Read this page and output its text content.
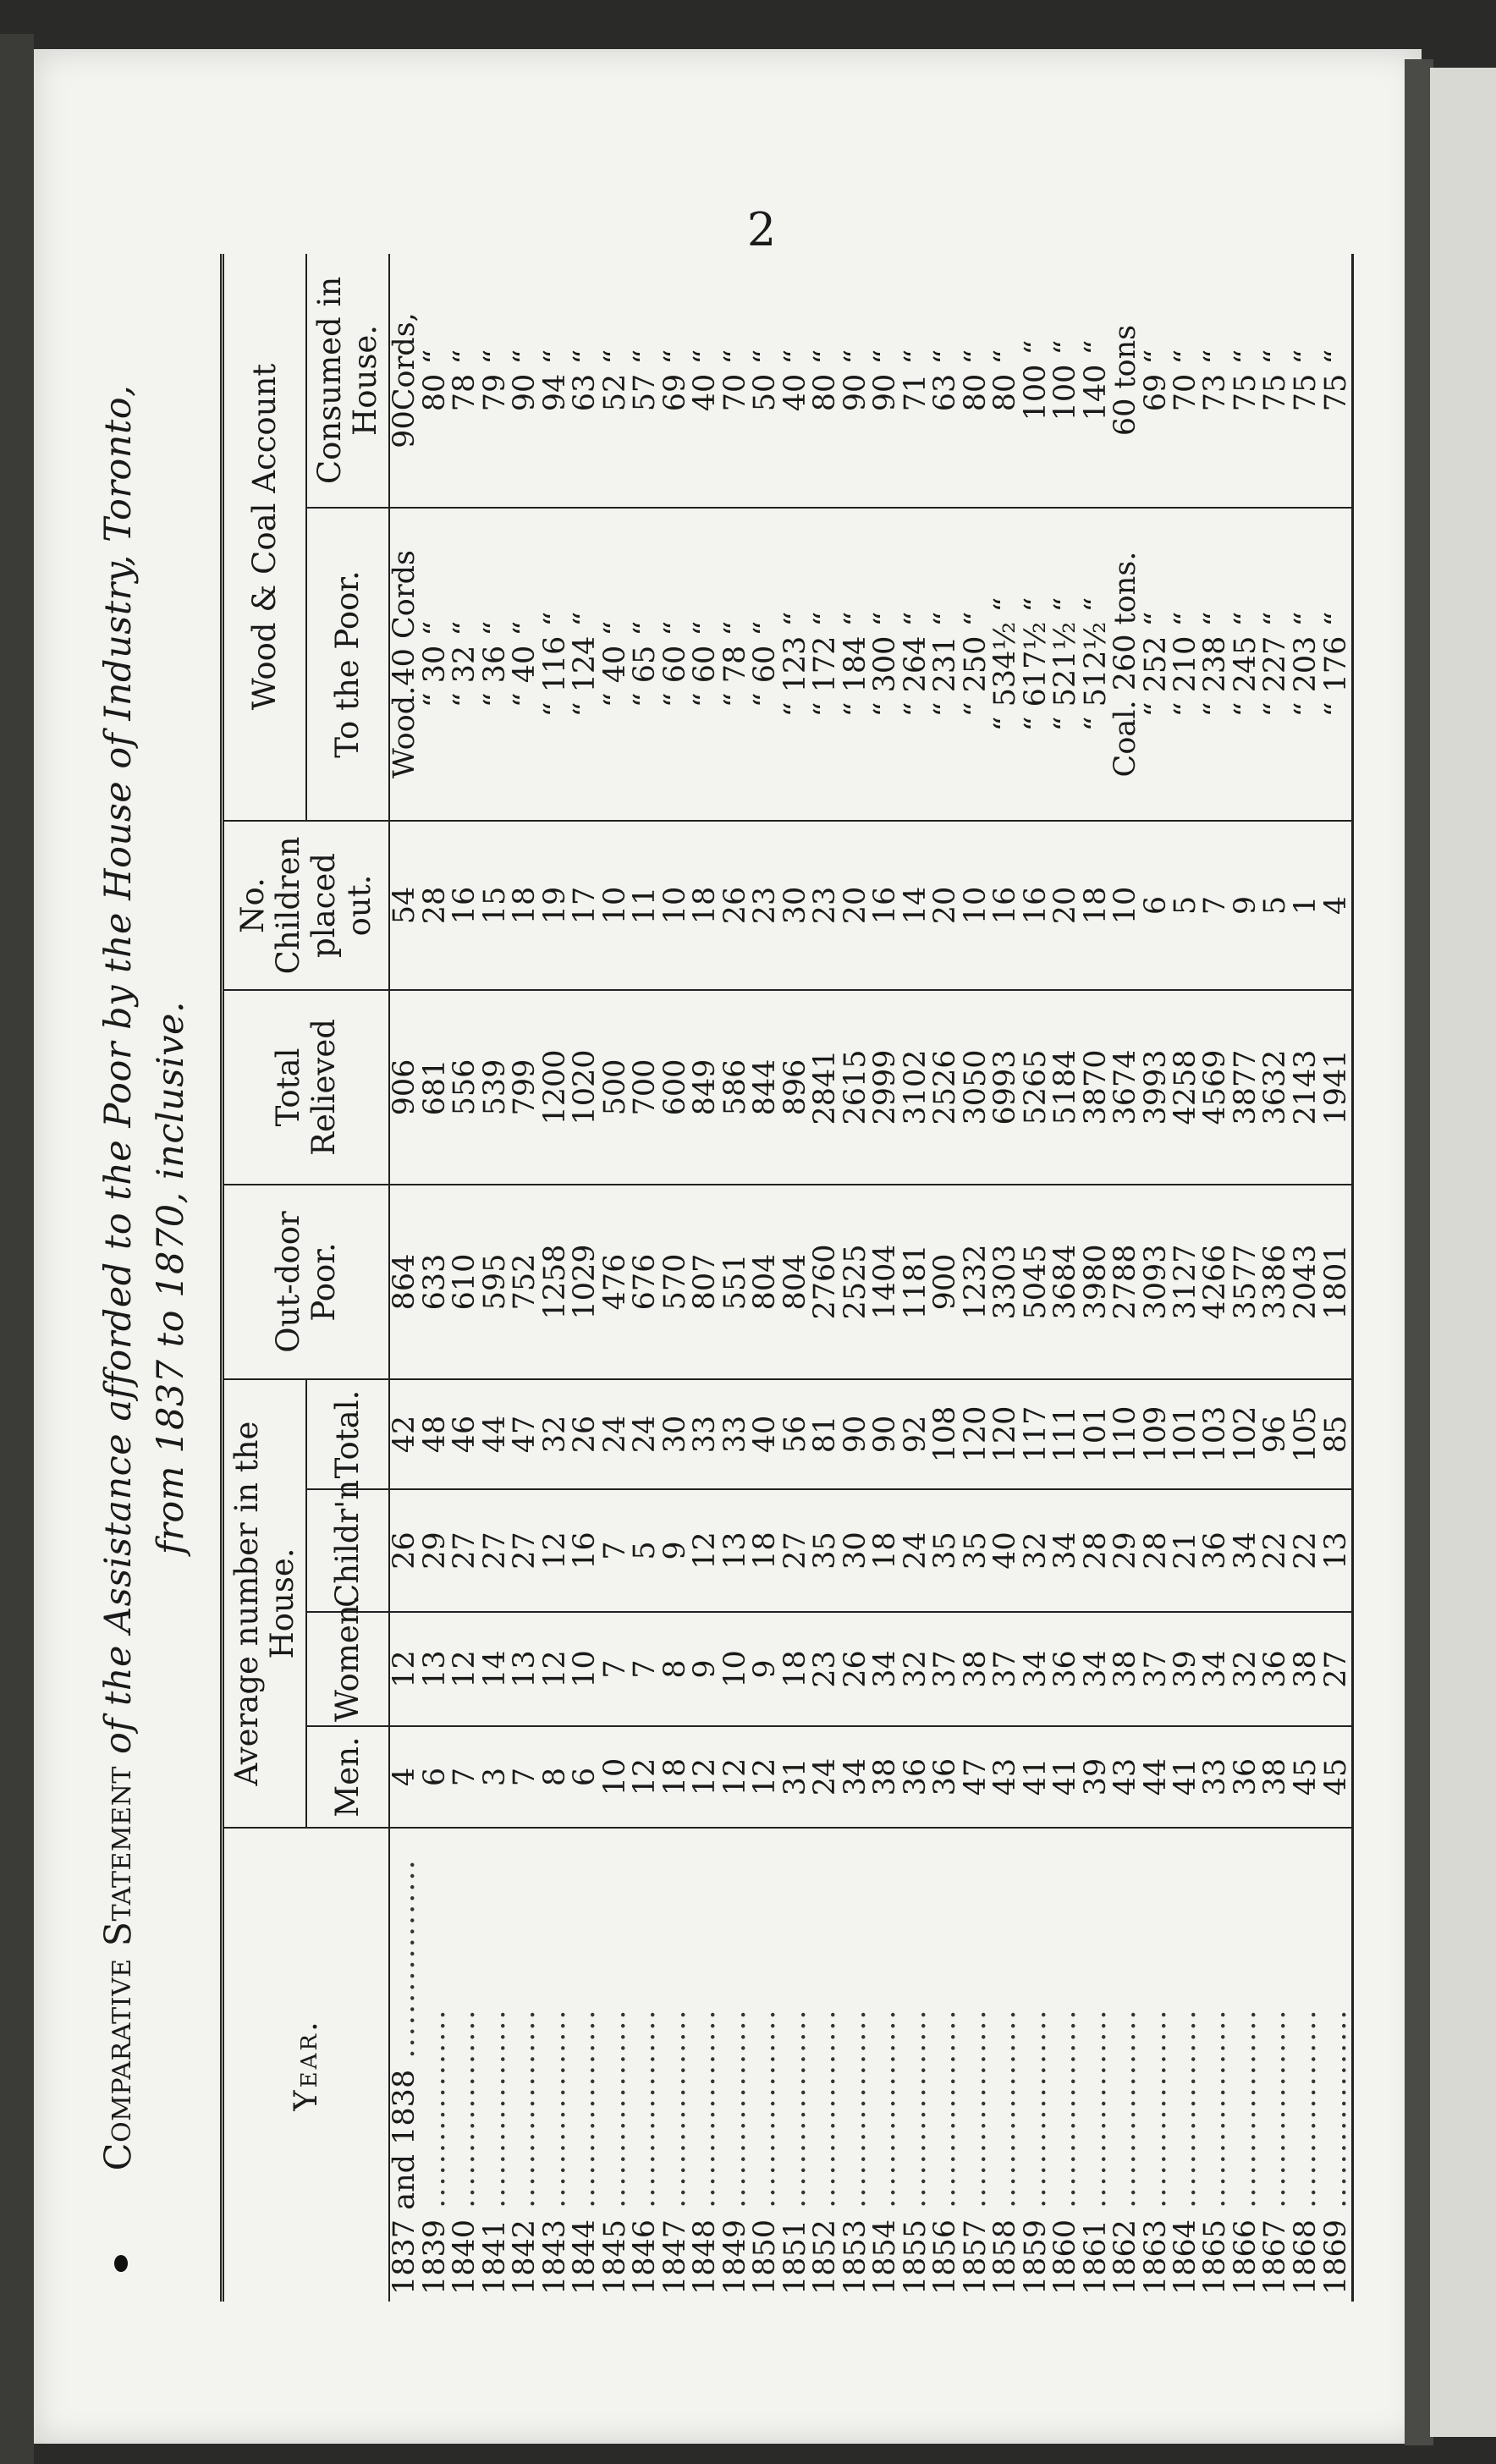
2
Comparative Statement of the Assistance afforded to the Poor by the House of Industry, Toronto, from 1837 to 1870, inclusive.
Year.	Average number in the House.				Out-door Poor.	Total Relieved	No. Children placed out.	Wood & Coal Account	
	Men.	Women.	Childr'n	Total.				To the Poor.	Consumed in House.
1837 and 1838 ..................	4	12	26	42	864	906	54	Wood.40 Cords	90Cords,
1839 ..................	6	13	29	48	633	681	28	“ 30 “	80 “
1840 ..................	7	12	27	46	610	556	16	“ 32 “	78 “
1841 ..................	3	14	27	44	595	539	15	“ 36 “	79 “
1842 ..................	7	13	27	47	752	799	18	“ 40 “	90 “
1843 ..................	8	12	12	32	1258	1200	19	“ 116 “	94 “
1844 ..................	6	10	16	26	1029	1020	17	“ 124 “	63 “
1845 ..................	10	7	7	24	476	500	10	“ 40 “	52 “
1846 ..................	12	7	5	24	676	700	11	“ 65 “	57 “
1847 ..................	18	8	9	30	570	600	10	“ 60 “	69 “
1848 ..................	12	9	12	33	807	849	18	“ 60 “	40 “
1849 ..................	12	10	13	33	551	586	26	“ 78 “	70 “
1850 ..................	12	9	18	40	804	844	23	“ 60 “	50 “
1851 ..................	31	18	27	56	804	896	30	“ 123 “	40 “
1852 ..................	24	23	35	81	2760	2841	23	“ 172 “	80 “
1853 ..................	34	26	30	90	2525	2615	20	“ 184 “	90 “
1854 ..................	38	34	18	90	1404	2999	16	“ 300 “	90 “
1855 ..................	36	32	24	92	1181	3102	14	“ 264 “	71 “
1856 ..................	36	37	35	108	900	2526	20	“ 231 “	63 “
1857 ..................	47	38	35	120	1232	3050	10	“ 250 “	80 “
1858 ..................	43	37	40	120	3303	6993	16	“ 534½ “	80 “
1859 ..................	41	34	32	117	5045	5265	16	“ 617½ “	100 “
1860 ..................	41	36	34	111	3684	5184	20	“ 521½ “	100 “
1861 ..................	39	34	28	101	3980	3870	18	“ 512½ “	140 “
1862 ..................	43	38	29	110	2788	3674	10	Coal. 260 tons.	60 tons
1863 ..................	44	37	28	109	3093	3993	6	“ 252 “	69 “
1864 ..................	41	39	21	101	3127	4258	5	“ 210 “	70 “
1865 ..................	33	34	36	103	4266	4569	7	“ 238 “	73 “
1866 ..................	36	32	34	102	3577	3877	9	“ 245 “	75 “
1867 ..................	38	36	22	96	3386	3632	5	“ 227 “	75 “
1868 ..................	45	38	22	105	2043	2143	1	“ 203 “	75 “
1869 ..................	45	27	13	85	1801	1941	4	“ 176 “	75 “
